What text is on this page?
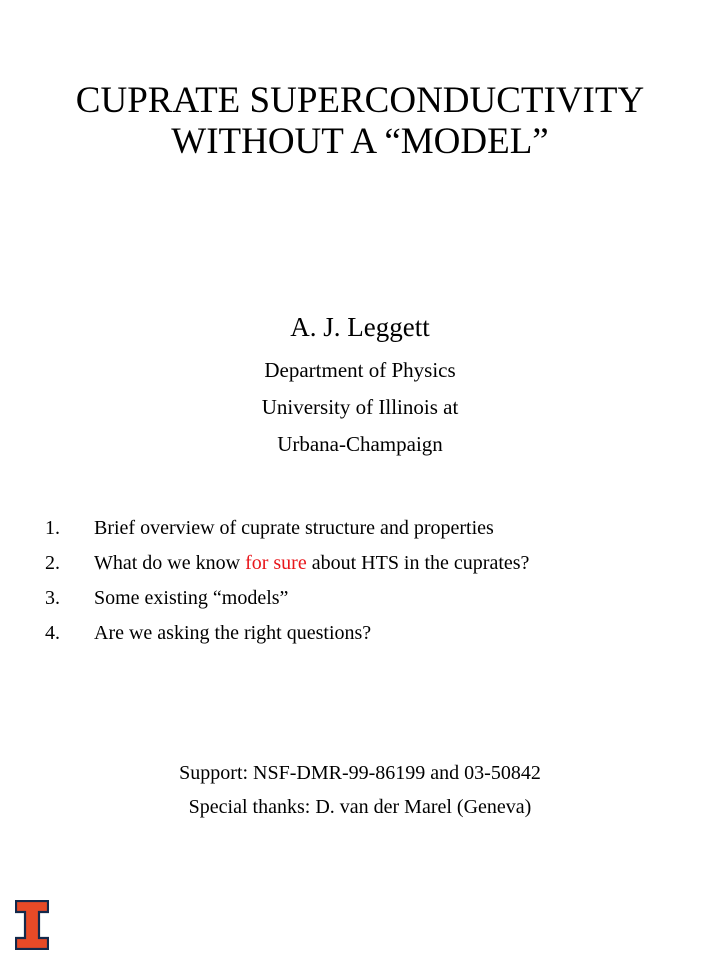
CUPRATE SUPERCONDUCTIVITY
WITHOUT A “MODEL”
A. J. Leggett
Department of Physics
University of Illinois at
Urbana-Champaign
1. Brief overview of cuprate structure and properties
2. What do we know for sure about HTS in the cuprates?
3. Some existing “models”
4. Are we asking the right questions?
Support: NSF-DMR-99-86199 and 03-50842
Special thanks: D. van der Marel (Geneva)
